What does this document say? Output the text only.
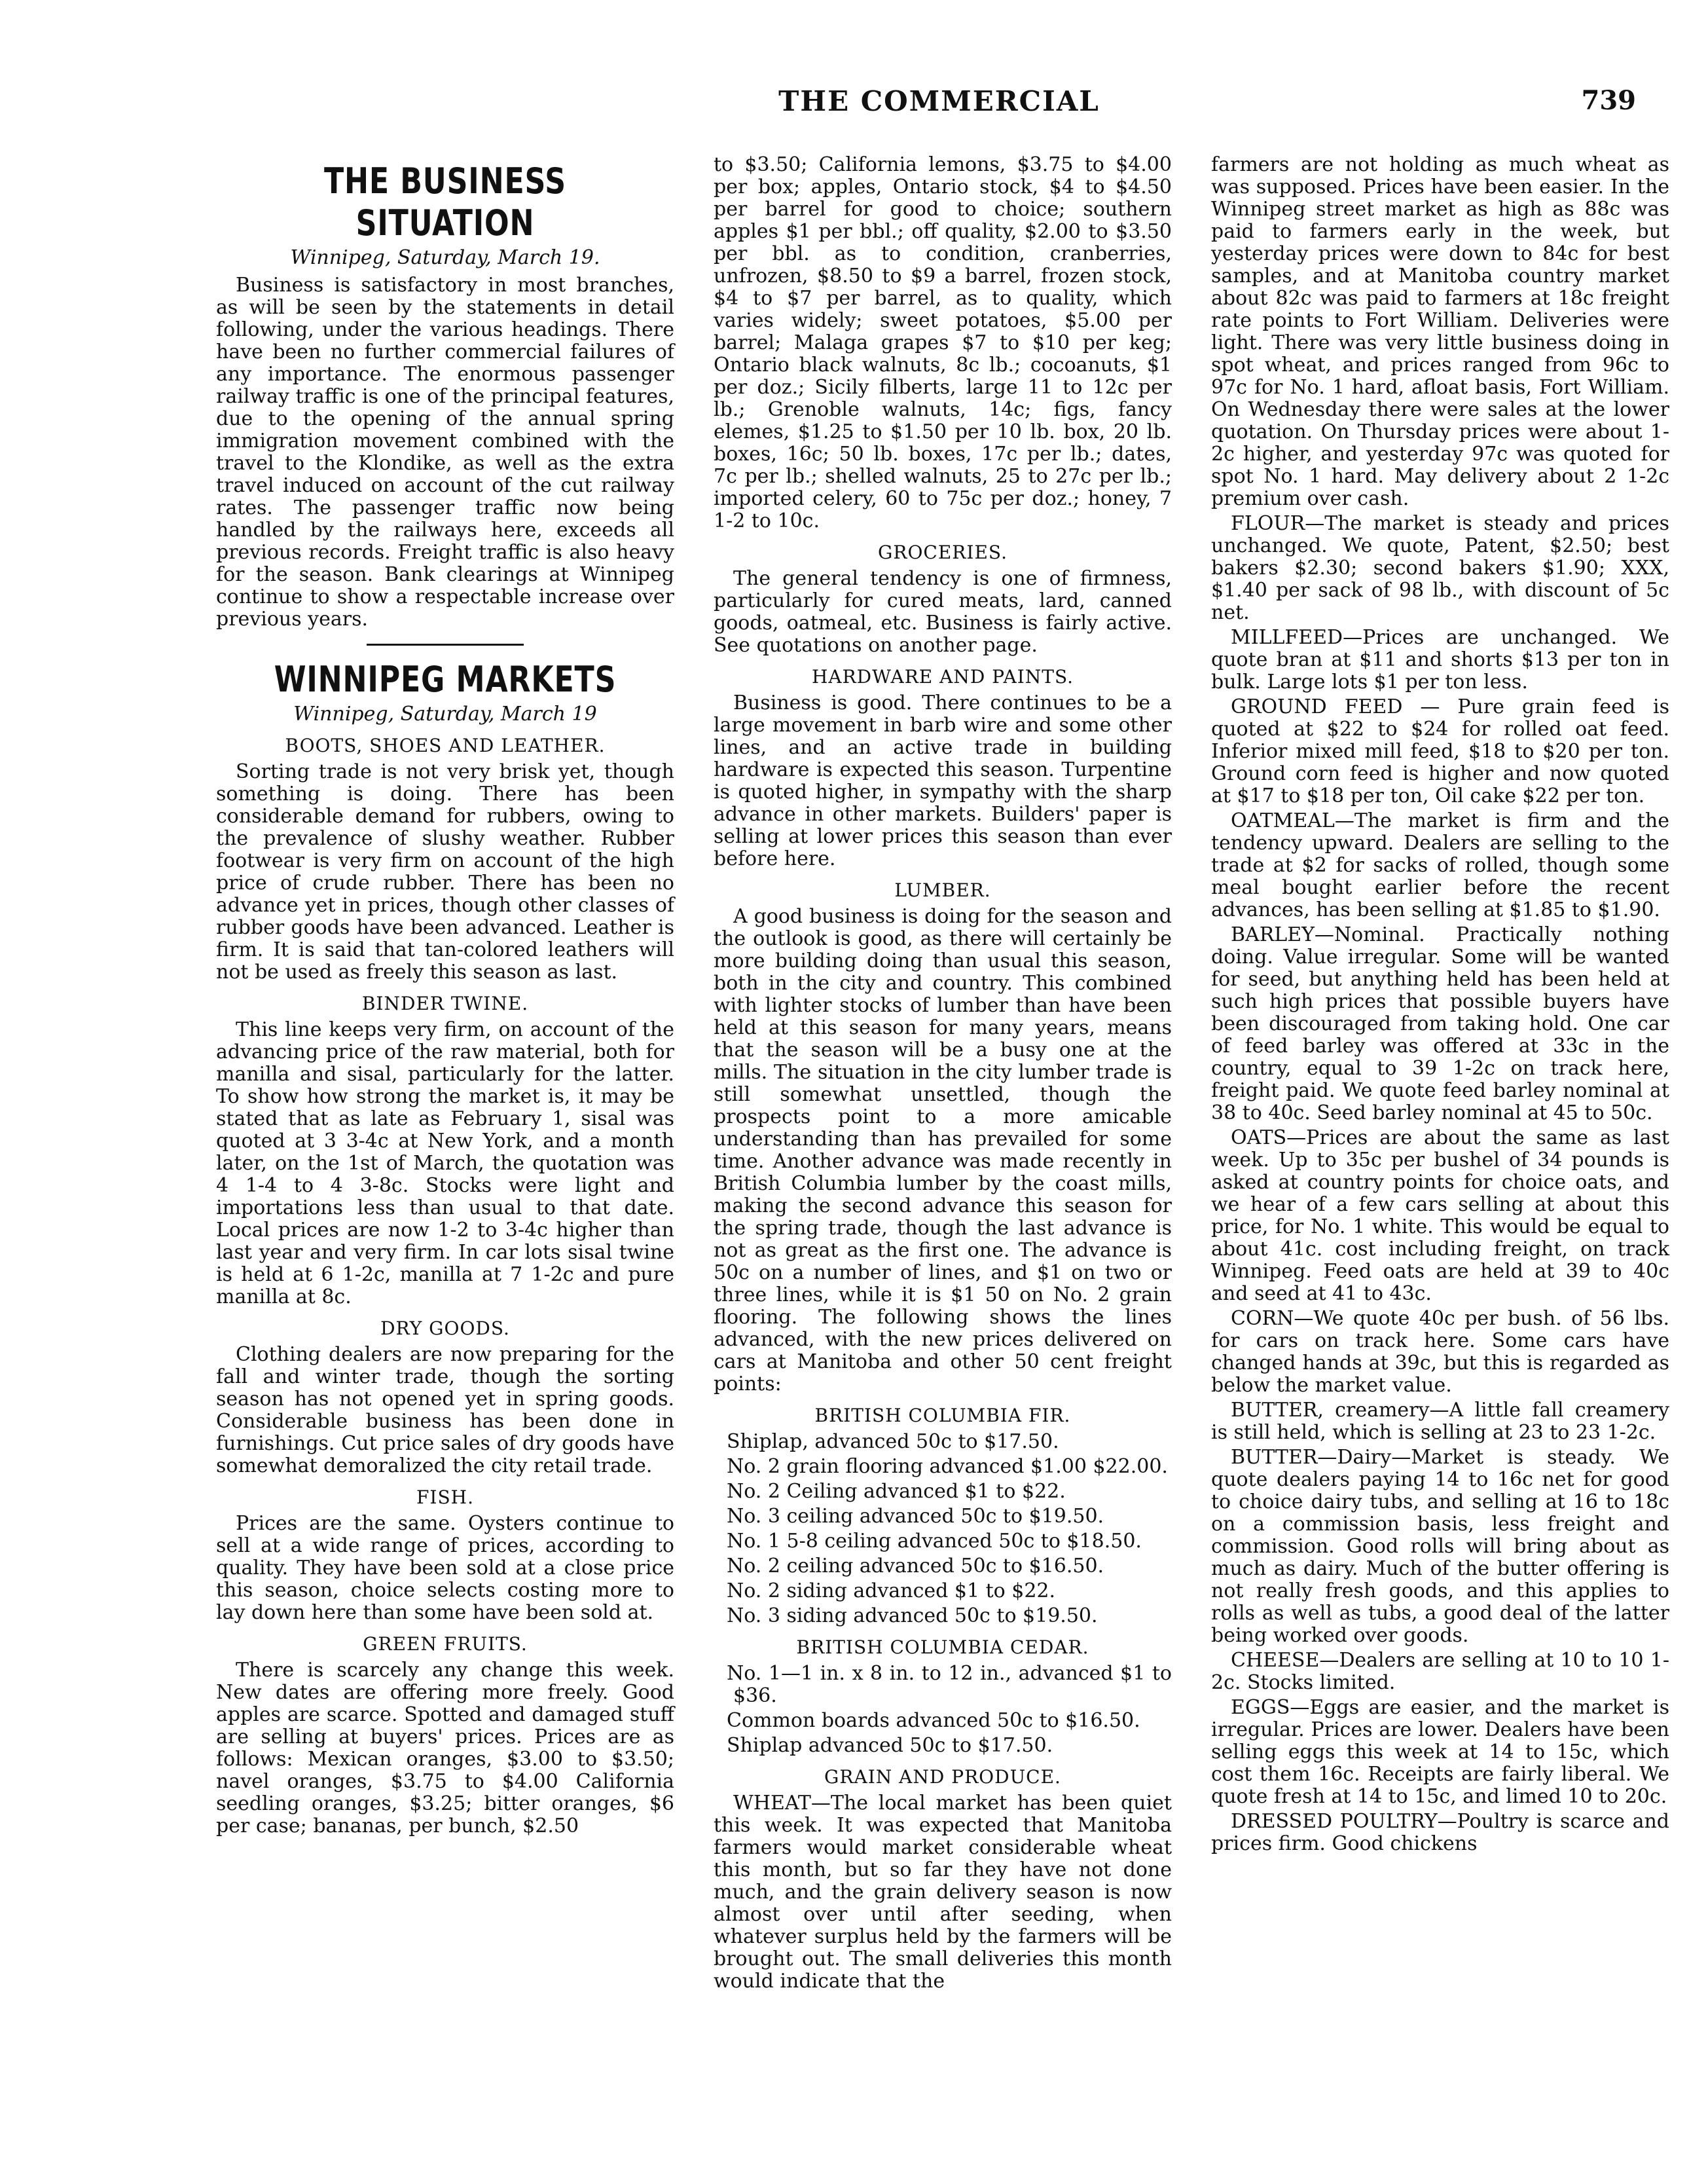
THE COMMERCIAL	739
THE BUSINESS SITUATION
Winnipeg, Saturday, March 19.

Business is satisfactory in most branches, as will be seen by the statements in detail following, under the various headings. There have been no further commercial failures of any importance. The enormous passenger railway traffic is one of the principal features, due to the opening of the annual spring immigration movement combined with the travel to the Klondike, as well as the extra travel induced on account of the cut railway rates. The passenger traffic now being handled by the railways here, exceeds all previous records. Freight traffic is also heavy for the season. Bank clearings at Winnipeg continue to show a respectable increase over previous years.

WINNIPEG MARKETS
Winnipeg, Saturday, March 19
BOOTS, SHOES AND LEATHER.

Sorting trade is not very brisk yet, though something is doing. There has been considerable demand for rubbers, owing to the prevalence of slushy weather. Rubber footwear is very firm on account of the high price of crude rubber. There has been no advance yet in prices, though other classes of rubber goods have been advanced. Leather is firm. It is said that tan-colored leathers will not be used as freely this season as last.

BINDER TWINE.

This line keeps very firm, on account of the advancing price of the raw material, both for manilla and sisal, particularly for the latter. To show how strong the market is, it may be stated that as late as February 1, sisal was quoted at 3 3-4c at New York, and a month later, on the 1st of March, the quotation was 4 1-4 to 4 3-8c. Stocks were light and importations less than usual to that date. Local prices are now 1-2 to 3-4c higher than last year and very firm. In car lots sisal twine is held at 6 1-2c, manilla at 7 1-2c and pure manilla at 8c.

DRY GOODS.

Clothing dealers are now preparing for the fall and winter trade, though the sorting season has not opened yet in spring goods. Considerable business has been done in furnishings. Cut price sales of dry goods have somewhat demoralized the city retail trade.

FISH.

Prices are the same. Oysters continue to sell at a wide range of prices, according to quality. They have been sold at a close price this season, choice selects costing more to lay down here than some have been sold at.

GREEN FRUITS.

There is scarcely any change this week. New dates are offering more freely. Good apples are scarce. Spotted and damaged stuff are selling at buyers' prices. Prices are as follows: Mexican oranges, $3.00 to $3.50; navel oranges, $3.75 to $4.00 California seedling oranges, $3.25; bitter oranges, $6 per case; bananas, per bunch, $2.50

to $3.50; California lemons, $3.75 to $4.00 per box; apples, Ontario stock, $4 to $4.50 per barrel for good to choice; southern apples $1 per bbl.; off quality, $2.00 to $3.50 per bbl. as to condition, cranberries, unfrozen, $8.50 to $9 a barrel, frozen stock, $4 to $7 per barrel, as to quality, which varies widely; sweet potatoes, $5.00 per barrel; Malaga grapes $7 to $10 per keg; Ontario black walnuts, 8c lb.; cocoanuts, $1 per doz.; Sicily filberts, large 11 to 12c per lb.; Grenoble walnuts, 14c; figs, fancy elemes, $1.25 to $1.50 per 10 lb. box, 20 lb. boxes, 16c; 50 lb. boxes, 17c per lb.; dates, 7c per lb.; shelled walnuts, 25 to 27c per lb.; imported celery, 60 to 75c per doz.; honey, 7 1-2 to 10c.

GROCERIES.

The general tendency is one of firmness, particularly for cured meats, lard, canned goods, oatmeal, etc. Business is fairly active. See quotations on another page.

HARDWARE AND PAINTS.

Business is good. There continues to be a large movement in barb wire and some other lines, and an active trade in building hardware is expected this season. Turpentine is quoted higher, in sympathy with the sharp advance in other markets. Builders' paper is selling at lower prices this season than ever before here.

LUMBER.

A good business is doing for the season and the outlook is good, as there will certainly be more building doing than usual this season, both in the city and country. This combined with lighter stocks of lumber than have been held at this season for many years, means that the season will be a busy one at the mills. The situation in the city lumber trade is still somewhat unsettled, though the prospects point to a more amicable understanding than has prevailed for some time. Another advance was made recently in British Columbia lumber by the coast mills, making the second advance this season for the spring trade, though the last advance is not as great as the first one. The advance is 50c on a number of lines, and $1 on two or three lines, while it is $1 50 on No. 2 grain flooring. The following shows the lines advanced, with the new prices delivered on cars at Manitoba and other 50 cent freight points:

BRITISH COLUMBIA FIR.

Shiplap, advanced 50c to $17.50.

No. 2 grain flooring advanced $1.00 $22.00.

No. 2 Ceiling advanced $1 to $22.

No. 3 ceiling advanced 50c to $19.50.

No. 1 5-8 ceiling advanced 50c to $18.50.

No. 2 ceiling advanced 50c to $16.50.

No. 2 siding advanced $1 to $22.

No. 3 siding advanced 50c to $19.50.

BRITISH COLUMBIA CEDAR.

No. 1—1 in. x 8 in. to 12 in., advanced $1 to $36.

Common boards advanced 50c to $16.50.

Shiplap advanced 50c to $17.50.

GRAIN AND PRODUCE.

WHEAT—The local market has been quiet this week. It was expected that Manitoba farmers would market considerable wheat this month, but so far they have not done much, and the grain delivery season is now almost over until after seeding, when whatever surplus held by the farmers will be brought out. The small deliveries this month would indicate that the

farmers are not holding as much wheat as was supposed. Prices have been easier. In the Winnipeg street market as high as 88c was paid to farmers early in the week, but yesterday prices were down to 84c for best samples, and at Manitoba country market about 82c was paid to farmers at 18c freight rate points to Fort William. Deliveries were light. There was very little business doing in spot wheat, and prices ranged from 96c to 97c for No. 1 hard, afloat basis, Fort William. On Wednesday there were sales at the lower quotation. On Thursday prices were about 1-2c higher, and yesterday 97c was quoted for spot No. 1 hard. May delivery about 2 1-2c premium over cash.

FLOUR—The market is steady and prices unchanged. We quote, Patent, $2.50; best bakers $2.30; second bakers $1.90; XXX, $1.40 per sack of 98 lb., with discount of 5c net.

MILLFEED—Prices are unchanged. We quote bran at $11 and shorts $13 per ton in bulk. Large lots $1 per ton less.

GROUND FEED — Pure grain feed is quoted at $22 to $24 for rolled oat feed. Inferior mixed mill feed, $18 to $20 per ton. Ground corn feed is higher and now quoted at $17 to $18 per ton, Oil cake $22 per ton.

OATMEAL—The market is firm and the tendency upward. Dealers are selling to the trade at $2 for sacks of rolled, though some meal bought earlier before the recent advances, has been selling at $1.85 to $1.90.

BARLEY—Nominal. Practically nothing doing. Value irregular. Some will be wanted for seed, but anything held has been held at such high prices that possible buyers have been discouraged from taking hold. One car of feed barley was offered at 33c in the country, equal to 39 1-2c on track here, freight paid. We quote feed barley nominal at 38 to 40c. Seed barley nominal at 45 to 50c.

OATS—Prices are about the same as last week. Up to 35c per bushel of 34 pounds is asked at country points for choice oats, and we hear of a few cars selling at about this price, for No. 1 white. This would be equal to about 41c. cost including freight, on track Winnipeg. Feed oats are held at 39 to 40c and seed at 41 to 43c.

CORN—We quote 40c per bush. of 56 lbs. for cars on track here. Some cars have changed hands at 39c, but this is regarded as below the market value.

BUTTER, creamery—A little fall creamery is still held, which is selling at 23 to 23 1-2c.

BUTTER—Dairy—Market is steady. We quote dealers paying 14 to 16c net for good to choice dairy tubs, and selling at 16 to 18c on a commission basis, less freight and commission. Good rolls will bring about as much as dairy. Much of the butter offering is not really fresh goods, and this applies to rolls as well as tubs, a good deal of the latter being worked over goods.

CHEESE—Dealers are selling at 10 to 10 1-2c. Stocks limited.

EGGS—Eggs are easier, and the market is irregular. Prices are lower. Dealers have been selling eggs this week at 14 to 15c, which cost them 16c. Receipts are fairly liberal. We quote fresh at 14 to 15c, and limed 10 to 20c.

DRESSED POULTRY—Poultry is scarce and prices firm. Good chickens
